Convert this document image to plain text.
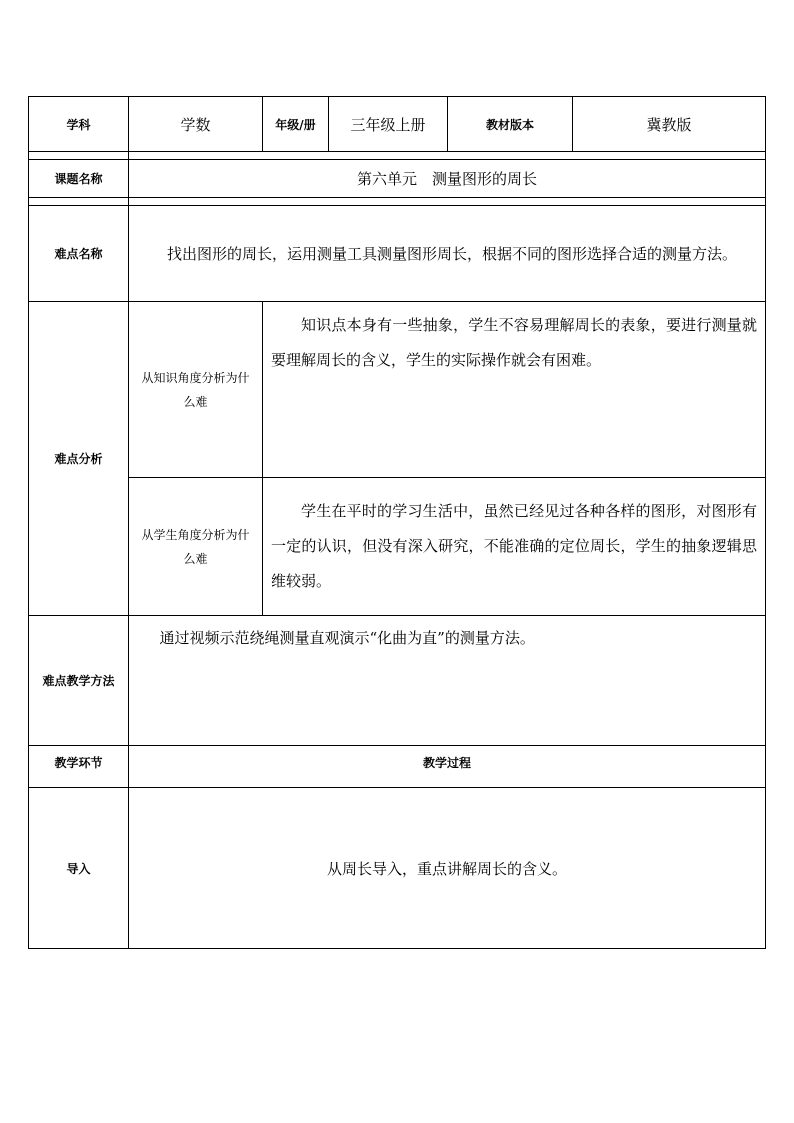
学科	学数	年级/册	三年级上册	教材版本	冀教版

课题名称	第六单元　测量图形的周长				

难点名称	找出图形的周长，运用测量工具测量图形周长，根据不同的图形选择合适的测量方法。				

难点分析	从知识角度分析为什么难	知识点本身有一些抽象，学生不容易理解周长的表象，要进行测量就要理解周长的含义，学生的实际操作就会有困难。			

	从学生角度分析为什么难	学生在平时的学习生活中，虽然已经见过各种各样的图形，对图形有一定的认识，但没有深入研究，不能准确的定位周长，学生的抽象逻辑思维较弱。			

难点教学方法	通过视频示范绕绳测量直观演示“化曲为直”的测量方法。				

教学环节	教学过程				
导入	从周长导入，重点讲解周长的含义。				
